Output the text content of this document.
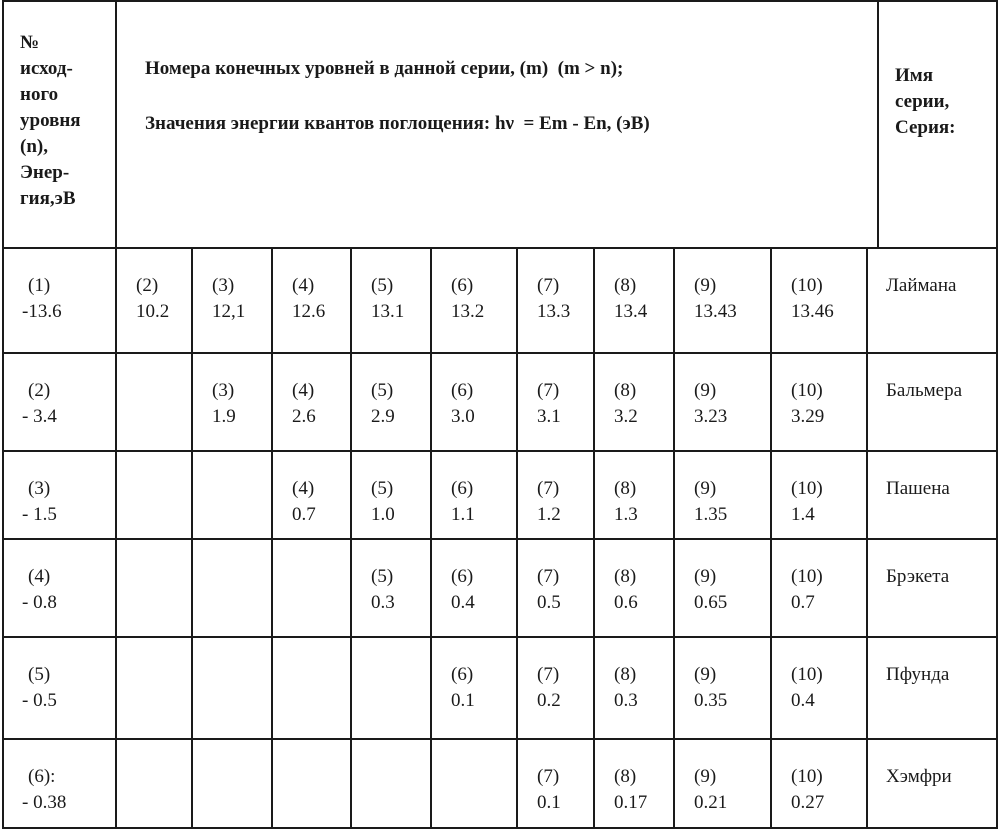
№
исход-
ного
уровня
(n),
Энер-
гия,эВ
Номера конечных уровней в данной серии, (m)  (m > n);
Значения энергии квантов поглощения: hν  = Em - En, (эВ)
Имя
серии,
Серия:
(1)
-13.6
(2)
10.2
(3)
12,1
(4)
12.6
(5)
13.1
(6)
13.2
(7)
13.3
(8)
13.4
(9)
13.43
(10)
13.46
Лаймана
(2)
- 3.4
(3)
1.9
(4)
2.6
(5)
2.9
(6)
3.0
(7)
3.1
(8)
3.2
(9)
3.23
(10)
3.29
Бальмера
(3)
- 1.5
(4)
0.7
(5)
1.0
(6)
1.1
(7)
1.2
(8)
1.3
(9)
1.35
(10)
1.4
Пашена
(4)
- 0.8
(5)
0.3
(6)
0.4
(7)
0.5
(8)
0.6
(9)
0.65
(10)
0.7
Брэкета
(5)
- 0.5
(6)
0.1
(7)
0.2
(8)
0.3
(9)
0.35
(10)
0.4
Пфунда
(6):
- 0.38
(7)
0.1
(8)
0.17
(9)
0.21
(10)
0.27
Хэмфри
